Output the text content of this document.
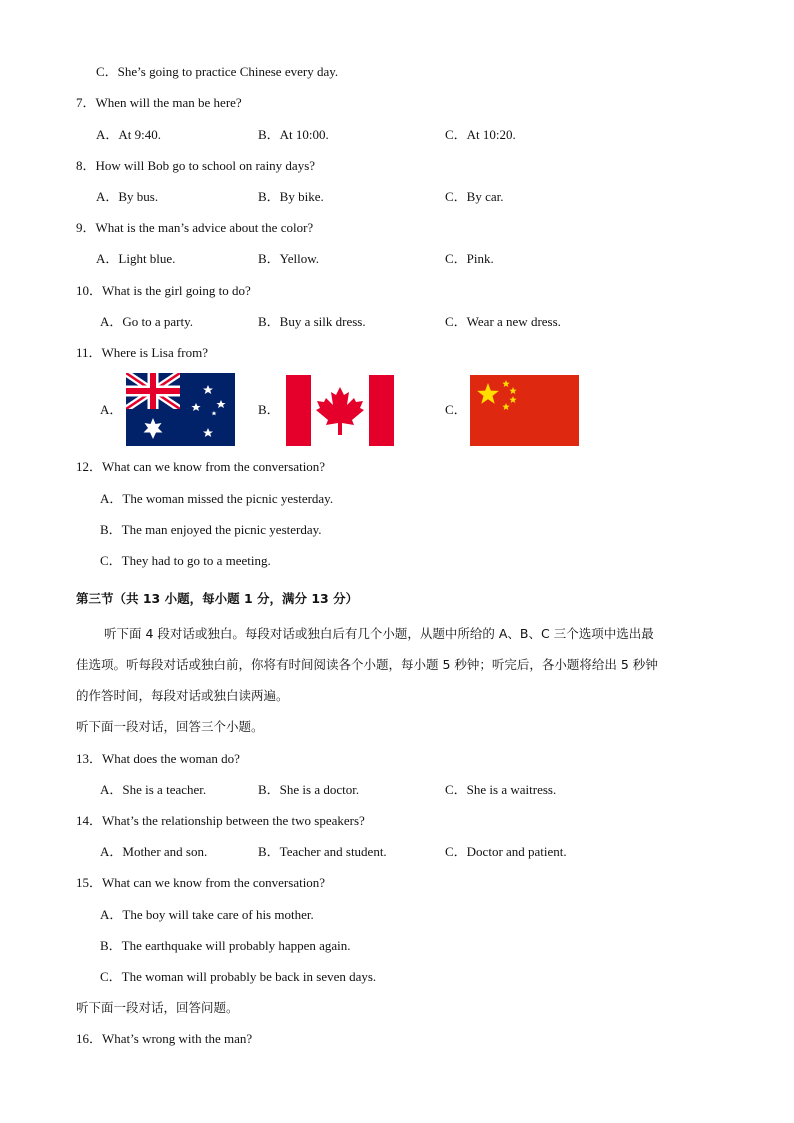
C．She’s going to practice Chinese every day.
7．When will the man be here?
A．At 9:40.	B．At 10:00.	C．At 10:20.
8．How will Bob go to school on rainy days?
A．By bus.	B．By bike.	C．By car.
9．What is the man’s advice about the color?
A．Light blue.	B．Yellow.	C．Pink.
10．What is the girl going to do?
A．Go to a party.	B．Buy a silk dress.	C．Wear a new dress.
11．Where is Lisa from?
A．	B．	C．
12．What can we know from the conversation?
A．The woman missed the picnic yesterday.
B．The man enjoyed the picnic yesterday.
C．They had to go to a meeting.
第三节（共 13 小题，每小题 1 分，满分 13 分）
听下面 4 段对话或独白。每段对话或独白后有几个小题，从题中所给的 A、B、C 三个选项中选出最
佳选项。听每段对话或独白前，你将有时间阅读各个小题，每小题 5 秒钟；听完后，各小题将给出 5 秒钟
的作答时间，每段对话或独白读两遍。
听下面一段对话，回答三个小题。
13．What does the woman do?
A．She is a teacher.	B．She is a doctor.	C．She is a waitress.
14．What’s the relationship between the two speakers?
A．Mother and son.	B．Teacher and student.	C．Doctor and patient.
15．What can we know from the conversation?
A．The boy will take care of his mother.
B．The earthquake will probably happen again.
C．The woman will probably be back in seven days.
听下面一段对话，回答问题。
16．What’s wrong with the man?
